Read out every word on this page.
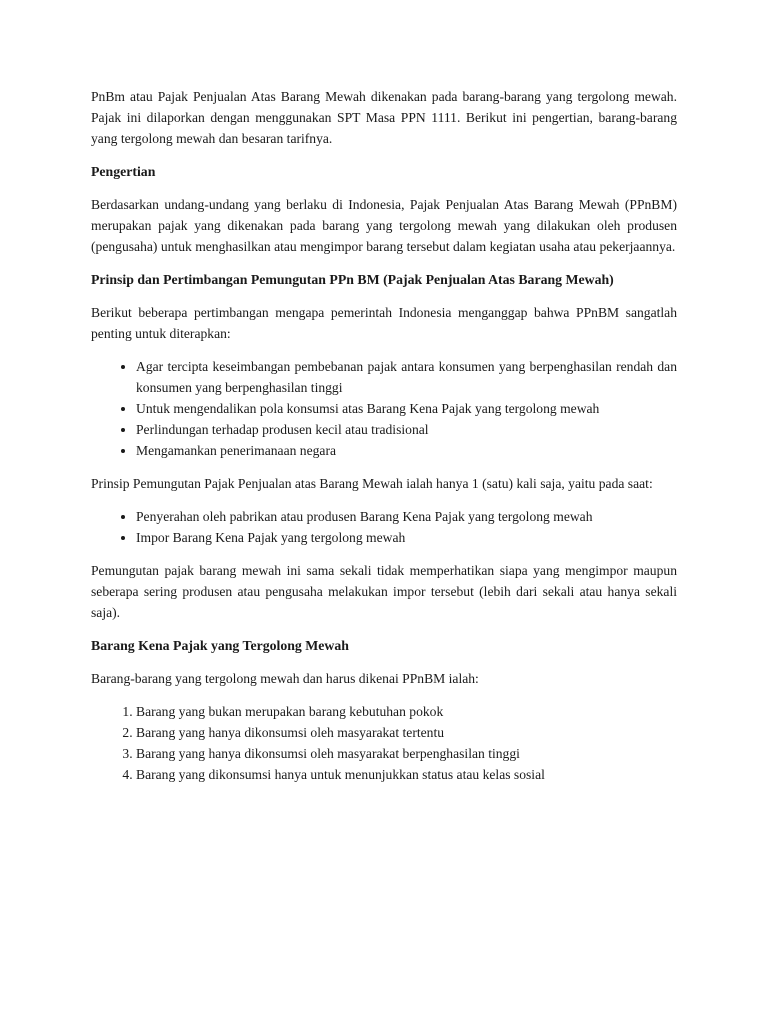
PnBm atau Pajak Penjualan Atas Barang Mewah dikenakan pada barang-barang yang tergolong mewah. Pajak ini dilaporkan dengan menggunakan SPT Masa PPN 1111. Berikut ini pengertian, barang-barang yang tergolong mewah dan besaran tarifnya.

Pengertian

Berdasarkan undang-undang yang berlaku di Indonesia, Pajak Penjualan Atas Barang Mewah (PPnBM) merupakan pajak yang dikenakan pada barang yang tergolong mewah yang dilakukan oleh produsen (pengusaha) untuk menghasilkan atau mengimpor barang tersebut dalam kegiatan usaha atau pekerjaannya.

Prinsip dan Pertimbangan Pemungutan PPn BM (Pajak Penjualan Atas Barang Mewah)

Berikut beberapa pertimbangan mengapa pemerintah Indonesia menganggap bahwa PPnBM sangatlah penting untuk diterapkan:

• Agar tercipta keseimbangan pembebanan pajak antara konsumen yang berpenghasilan rendah dan konsumen yang berpenghasilan tinggi
• Untuk mengendalikan pola konsumsi atas Barang Kena Pajak yang tergolong mewah
• Perlindungan terhadap produsen kecil atau tradisional
• Mengamankan penerimanaan negara

Prinsip Pemungutan Pajak Penjualan atas Barang Mewah ialah hanya 1 (satu) kali saja, yaitu pada saat:

• Penyerahan oleh pabrikan atau produsen Barang Kena Pajak yang tergolong mewah
• Impor Barang Kena Pajak yang tergolong mewah

Pemungutan pajak barang mewah ini sama sekali tidak memperhatikan siapa yang mengimpor maupun seberapa sering produsen atau pengusaha melakukan impor tersebut (lebih dari sekali atau hanya sekali saja).

Barang Kena Pajak yang Tergolong Mewah

Barang-barang yang tergolong mewah dan harus dikenai PPnBM ialah:

1. Barang yang bukan merupakan barang kebutuhan pokok
2. Barang yang hanya dikonsumsi oleh masyarakat tertentu
3. Barang yang hanya dikonsumsi oleh masyarakat berpenghasilan tinggi
4. Barang yang dikonsumsi hanya untuk menunjukkan status atau kelas sosial
